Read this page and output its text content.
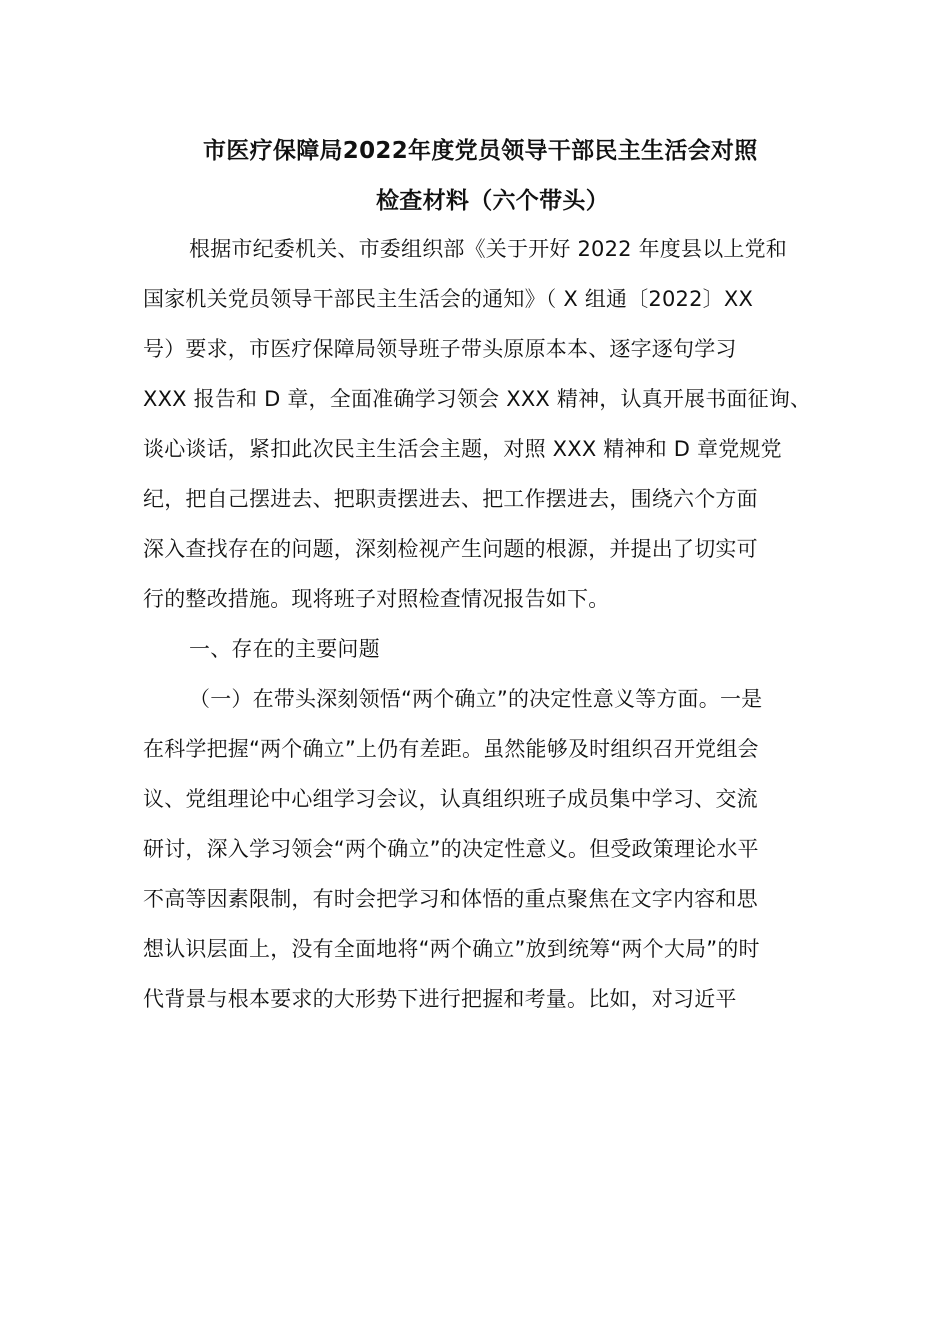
市医疗保障局2022年度党员领导干部民主生活会对照
检查材料（六个带头）
根据市纪委机关、市委组织部《关于开好 2022 年度县以上党和
国家机关党员领导干部民主生活会的通知》（ X 组通〔2022〕XX
号）要求，市医疗保障局领导班子带头原原本本、逐字逐句学习
XXX 报告和 D 章，全面准确学习领会 XXX 精神，认真开展书面征询、
谈心谈话，紧扣此次民主生活会主题，对照 XXX 精神和 D 章党规党
纪，把自己摆进去、把职责摆进去、把工作摆进去，围绕六个方面
深入查找存在的问题，深刻检视产生问题的根源，并提出了切实可
行的整改措施。现将班子对照检查情况报告如下。
一、存在的主要问题
（一）在带头深刻领悟“两个确立”的决定性意义等方面。一是
在科学把握“两个确立”上仍有差距。虽然能够及时组织召开党组会
议、党组理论中心组学习会议，认真组织班子成员集中学习、交流
研讨，深入学习领会“两个确立”的决定性意义。但受政策理论水平
不高等因素限制，有时会把学习和体悟的重点聚焦在文字内容和思
想认识层面上，没有全面地将“两个确立”放到统筹“两个大局”的时
代背景与根本要求的大形势下进行把握和考量。比如，对习近平
